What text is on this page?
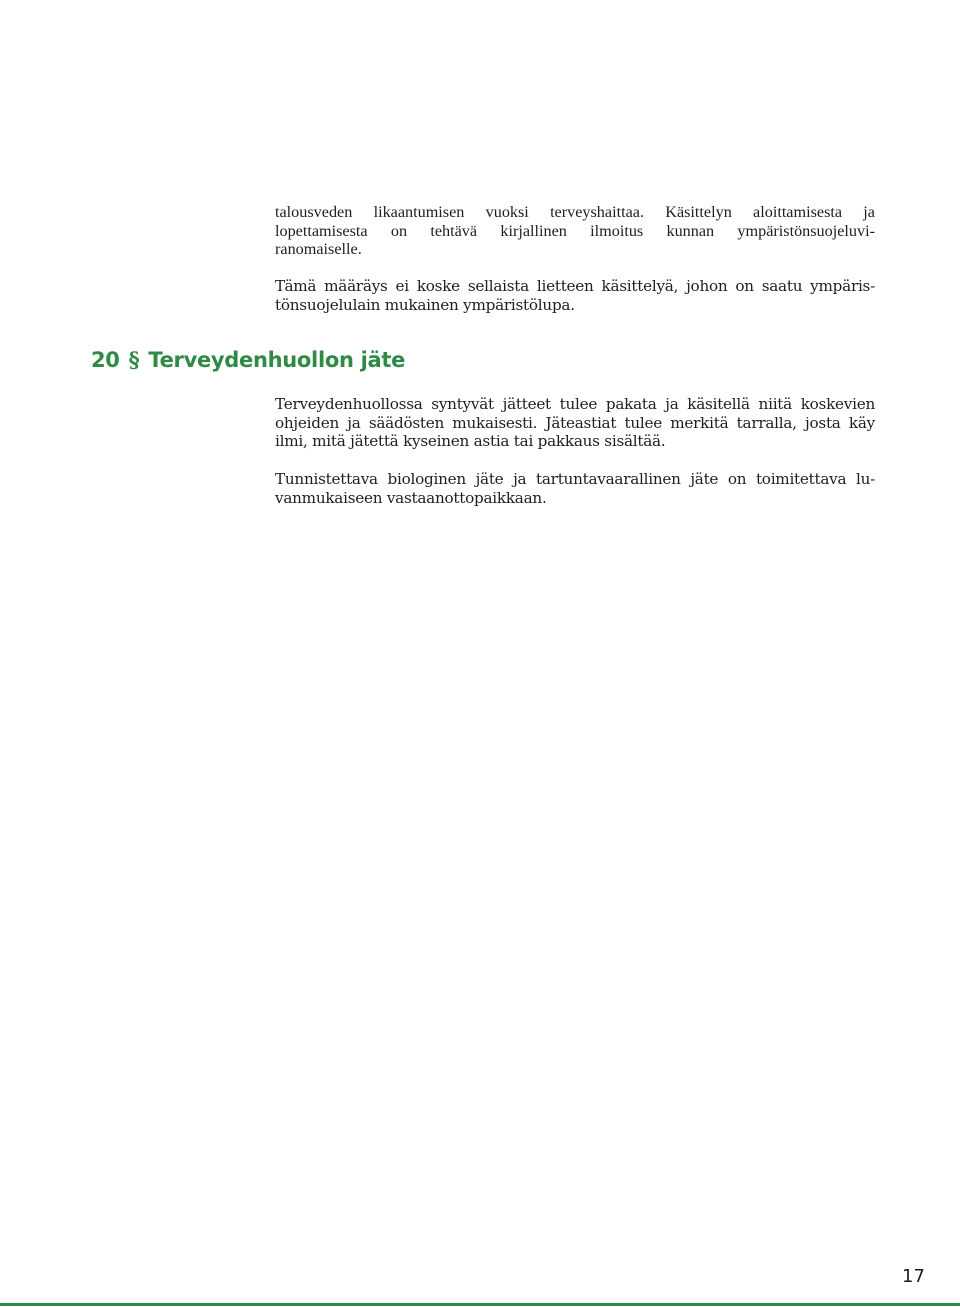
talousveden likaantumisen vuoksi terveyshaittaa. Käsittelyn aloittamisesta ja
lopettamisesta on tehtävä kirjallinen ilmoitus kunnan ympäristönsuojeluvi-
ranomaiselle.
Tämä määräys ei koske sellaista lietteen käsittelyä, johon on saatu ympäris-
tönsuojelulain mukainen ympäristölupa.
20 § Terveydenhuollon jäte
Terveydenhuollossa syntyvät jätteet tulee pakata ja käsitellä niitä koskevien
ohjeiden ja säädösten mukaisesti. Jäteastiat tulee merkitä tarralla, josta käy
ilmi, mitä jätettä kyseinen astia tai pakkaus sisältää.
Tunnistettava biologinen jäte ja tartuntavaarallinen jäte on toimitettava lu-
vanmukaiseen vastaanottopaikkaan.
17
